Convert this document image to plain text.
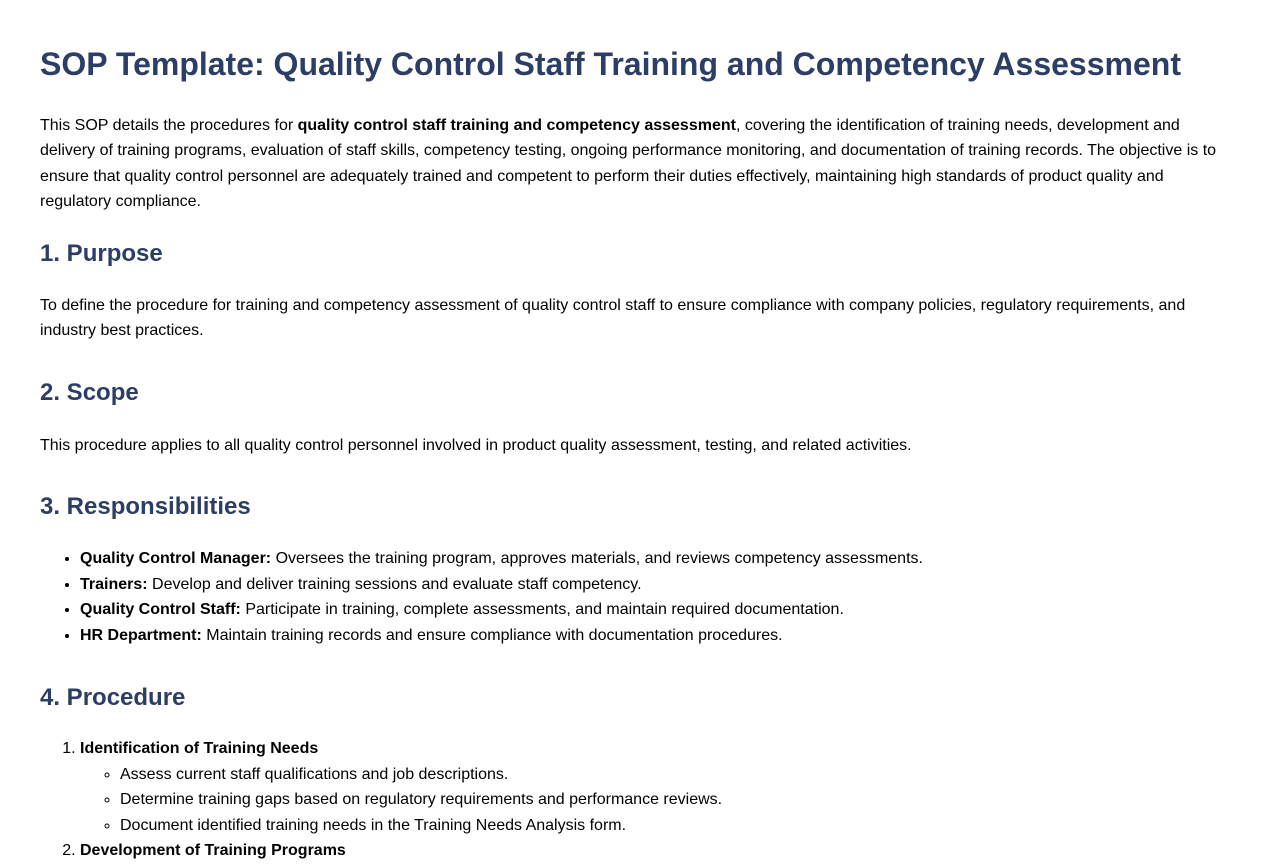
SOP Template: Quality Control Staff Training and Competency Assessment

This SOP details the procedures for quality control staff training and competency assessment, covering the identification of training needs, development and delivery of training programs, evaluation of staff skills, competency testing, ongoing performance monitoring, and documentation of training records. The objective is to ensure that quality control personnel are adequately trained and competent to perform their duties effectively, maintaining high standards of product quality and regulatory compliance.

1. Purpose

To define the procedure for training and competency assessment of quality control staff to ensure compliance with company policies, regulatory requirements, and industry best practices.

2. Scope

This procedure applies to all quality control personnel involved in product quality assessment, testing, and related activities.

3. Responsibilities
• Quality Control Manager: Oversees the training program, approves materials, and reviews competency assessments.
• Trainers: Develop and deliver training sessions and evaluate staff competency.
• Quality Control Staff: Participate in training, complete assessments, and maintain required documentation.
• HR Department: Maintain training records and ensure compliance with documentation procedures.
4. Procedure
1. Identification of Training Needs
◦ Assess current staff qualifications and job descriptions.
◦ Determine training gaps based on regulatory requirements and performance reviews.
◦ Document identified training needs in the Training Needs Analysis form.
2. Development of Training Programs
